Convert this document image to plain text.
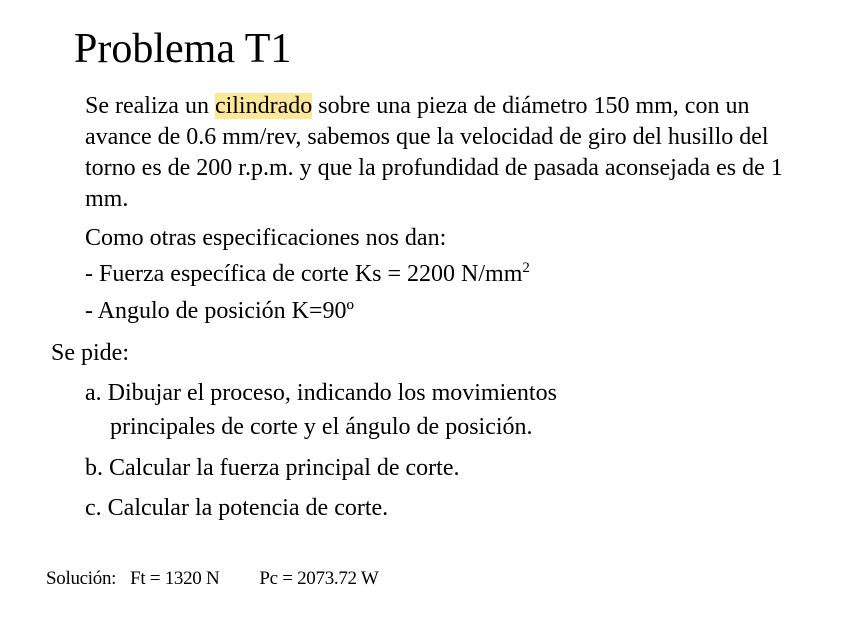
Problema T1
Se realiza un cilindrado sobre una pieza de diámetro 150 mm, con un avance de 0.6 mm/rev, sabemos que la velocidad de giro del husillo del torno es de 200 r.p.m. y que la profundidad de pasada aconsejada es de 1 mm.
Como otras especificaciones nos dan:
- Fuerza específica de corte Ks = 2200 $N/mm^2$
- Angulo de posición K=90º
Se pide:
a. Dibujar el proceso, indicando los movimientos
principales de corte y el ángulo de posición.
b. Calcular la fuerza principal de corte.
c. Calcular la potencia de corte.
Solución: Ft = 1320 N Pc = 2073.72 W
